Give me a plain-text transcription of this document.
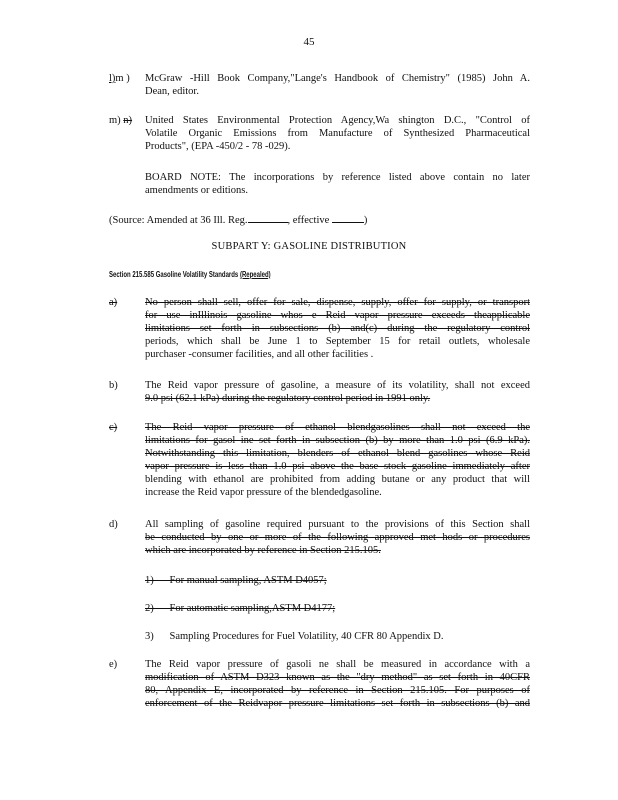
45
l)m )	McGraw -Hill Book Company,"Lange's Handbook of Chemistry" (1985) John A.
Dean, editor.
m) n)	United States Environmental Protection Agency,Wa shington D.C., "Control of
Volatile Organic Emissions from Manufacture of Synthesized Pharmaceutical
Products", (EPA -450/2 - 78 -029).
BOARD NOTE: The incorporations by reference listed above contain no later
amendments or editions.
(Source: Amended at 36 Ill. Reg.	, effective	)
SUBPART Y: GASOLINE DISTRIBUTION
Section 215.585 Gasoline Volatility Standards (Repealed)
a)	No person shall sell, offer for sale, dispense, supply, offer for supply, or transport
for use inIllinois gasoline whos e Reid vapor pressure exceeds theapplicable
limitations set forth in subsections (b) and(c) during the regulatory control
periods, which shall be June 1 to September 15 for retail outlets, wholesale
purchaser -consumer facilities, and all other facilities .
b)	The Reid vapor pressure of gasoline, a measure of its volatility, shall not exceed
9.0 psi (62.1 kPa) during the regulatory control period in 1991 only.
c)	The Reid vapor pressure of ethanol blendgasolines shall not exceed the
limitations for gasol ine set forth in subsection (b) by more than 1.0 psi (6.9 kPa).
Notwithstanding this limitation, blenders of ethanol blend gasolines whose Reid
vapor pressure is less than 1.0 psi above the base stock gasoline immediately after
blending with ethanol are prohibited from adding butane or any product that will
increase the Reid vapor pressure of the blendedgasoline.
d)	All sampling of gasoline required pursuant to the provisions of this Section shall
be conducted by one or more of the following approved met hods or procedures
which are incorporated by reference in Section 215.105.
1)      For manual sampling, ASTM D4057;
2)      For automatic sampling,ASTM D4177;
3)      Sampling Procedures for Fuel Volatility, 40 CFR 80 Appendix D.
e)	The Reid vapor pressure of gasoli ne shall be measured in accordance with a
modification of ASTM D323 known as the "dry method" as set forth in 40CFR
80, Appendix E, incorporated by reference in Section 215.105. For purposes of
enforcement of the Reidvapor pressure limitations set forth in subsections (b) and
